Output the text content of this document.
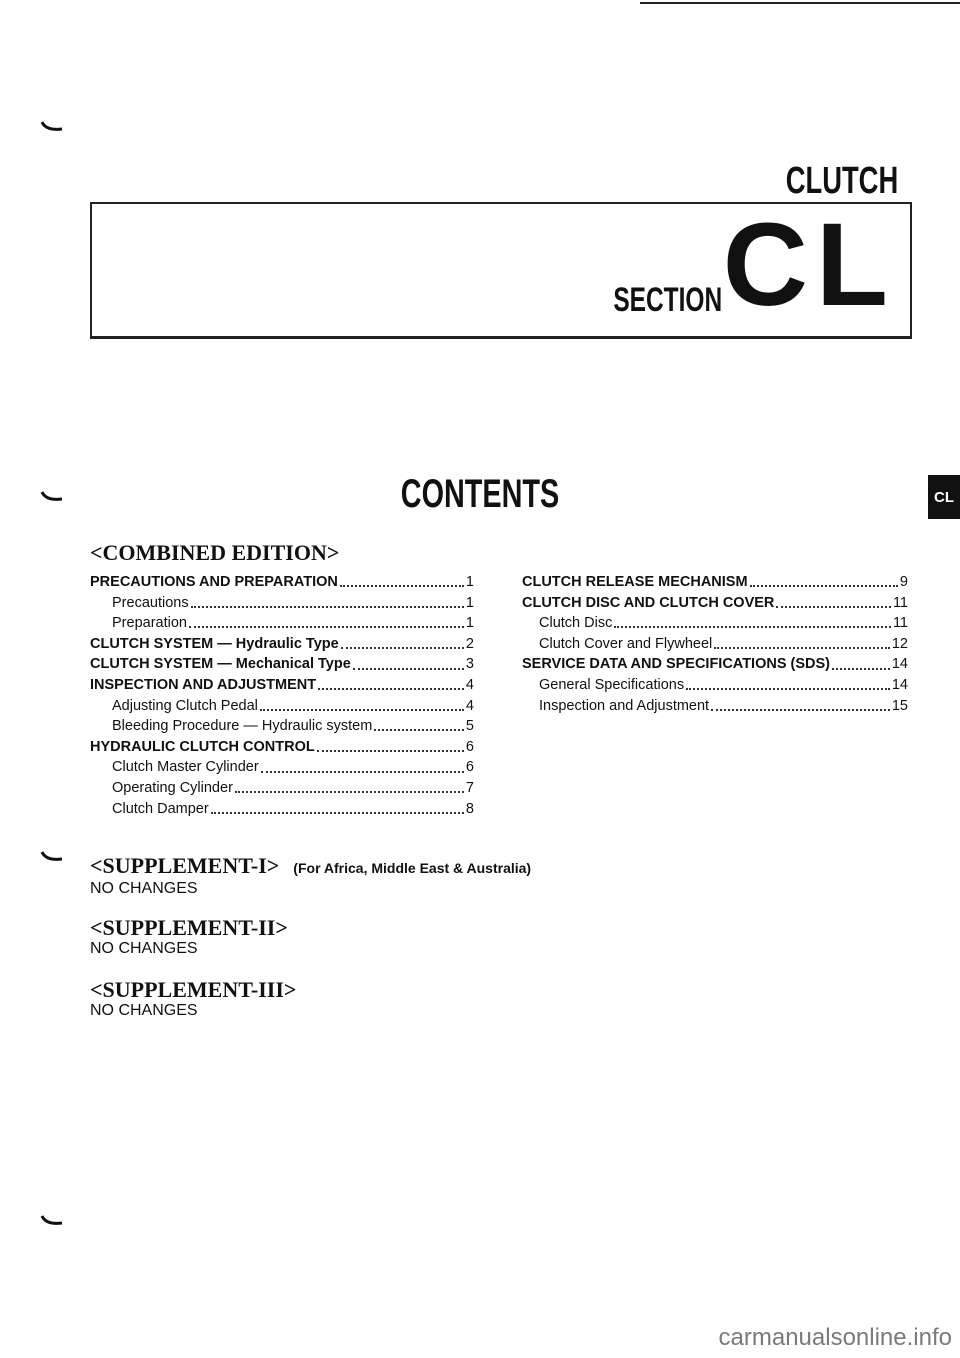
CLUTCH
SECTION CL
CONTENTS	CL
<COMBINED EDITION>
PRECAUTIONS AND PREPARATION	1
Precautions	1
Preparation	1
CLUTCH SYSTEM — Hydraulic Type	2
CLUTCH SYSTEM — Mechanical Type	3
INSPECTION AND ADJUSTMENT	4
Adjusting Clutch Pedal	4
Bleeding Procedure — Hydraulic system	5
HYDRAULIC CLUTCH CONTROL	6
Clutch Master Cylinder	6
Operating Cylinder	7
Clutch Damper	8
CLUTCH RELEASE MECHANISM	9
CLUTCH DISC AND CLUTCH COVER	11
Clutch Disc	11
Clutch Cover and Flywheel	12
SERVICE DATA AND SPECIFICATIONS (SDS)	14
General Specifications	14
Inspection and Adjustment	15
<SUPPLEMENT-I> (For Africa, Middle East & Australia)
NO CHANGES
<SUPPLEMENT-II>
NO CHANGES
<SUPPLEMENT-III>
NO CHANGES
carmanualsonline.info
